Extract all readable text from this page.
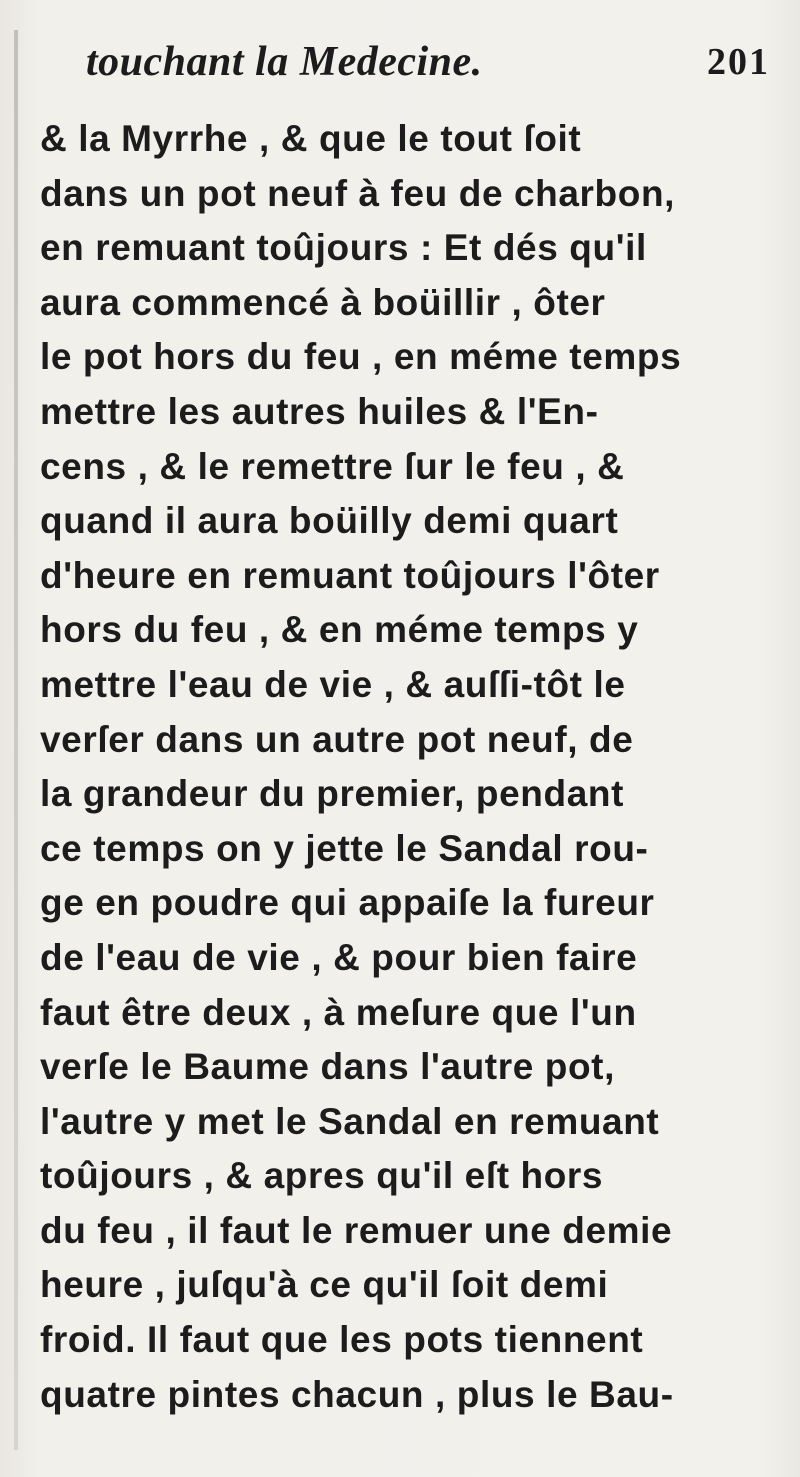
touchant la Medecine.	201
& la Myrrhe , & que le tout ſoit
dans un pot neuf à feu de charbon,
en remuant toûjours : Et dés qu'il
aura commencé à boüillir , ôter
le pot hors du feu , en méme temps
mettre les autres huiles & l'En-
cens , & le remettre ſur le feu , &
quand il aura boüilly demi quart
d'heure en remuant toûjours l'ôter
hors du feu , & en méme temps y
mettre l'eau de vie , & auſſi-tôt le
verſer dans un autre pot neuf, de
la grandeur du premier, pendant
ce temps on y jette le Sandal rou-
ge en poudre qui appaiſe la fureur
de l'eau de vie , & pour bien faire
faut être deux , à meſure que l'un
verſe le Baume dans l'autre pot,
l'autre y met le Sandal en remuant
toûjours , & apres qu'il eſt hors
du feu , il faut le remuer une demie
heure , juſqu'à ce qu'il ſoit demi
froid. Il faut que les pots tiennent
quatre pintes chacun , plus le Bau-
